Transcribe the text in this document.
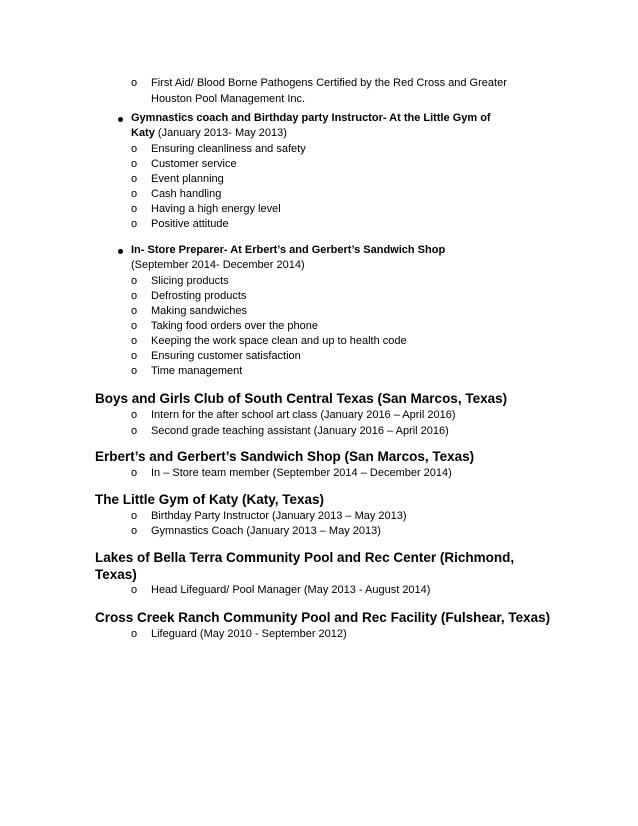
o First Aid/ Blood Borne Pathogens Certified by the Red Cross and Greater
Houston Pool Management Inc.
Gymnastics coach and Birthday party Instructor- At the Little Gym of
Katy (January 2013- May 2013)
o Ensuring cleanliness and safety
o Customer service
o Event planning
o Cash handling
o Having a high energy level
o Positive attitude
In- Store Preparer- At Erbert’s and Gerbert’s Sandwich Shop
(September 2014- December 2014)
o Slicing products
o Defrosting products
o Making sandwiches
o Taking food orders over the phone
o Keeping the work space clean and up to health code
o Ensuring customer satisfaction
o Time management
Boys and Girls Club of South Central Texas (San Marcos, Texas)
o Intern for the after school art class (January 2016 – April 2016)
o Second grade teaching assistant (January 2016 – April 2016)
Erbert’s and Gerbert’s Sandwich Shop (San Marcos, Texas)
o In – Store team member (September 2014 – December 2014)
The Little Gym of Katy (Katy, Texas)
o Birthday Party Instructor (January 2013 – May 2013)
o Gymnastics Coach (January 2013 – May 2013)
Lakes of Bella Terra Community Pool and Rec Center (Richmond,
Texas)
o Head Lifeguard/ Pool Manager (May 2013 - August 2014)
Cross Creek Ranch Community Pool and Rec Facility (Fulshear, Texas)
o Lifeguard (May 2010 - September 2012)
